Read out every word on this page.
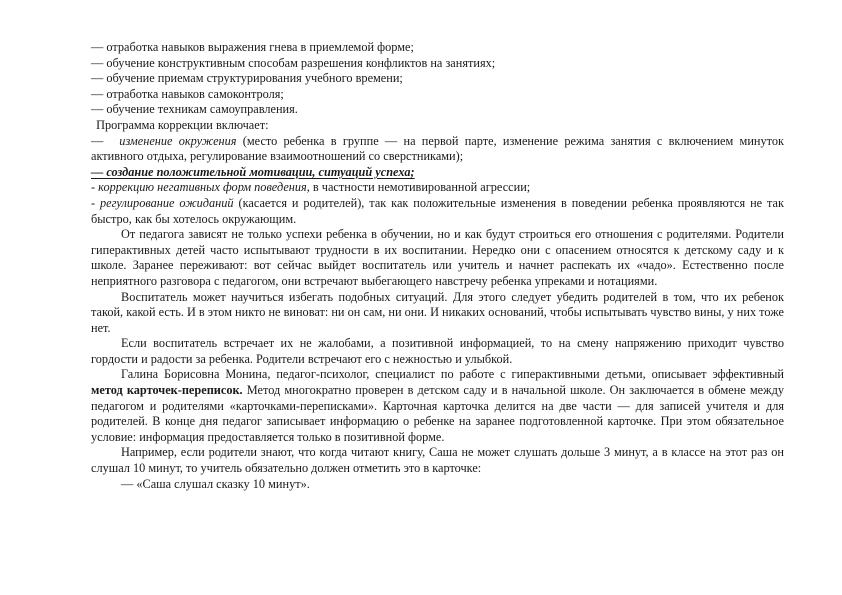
— отработка навыков выражения гнева в приемлемой форме;

— обучение конструктивным способам разрешения конфликтов на занятиях;

— обучение приемам структурирования учебного времени;

— отработка навыков самоконтроля;

— обучение техникам самоуправления.

Программа коррекции включает:

— изменение окружения (место ребенка в группе — на первой парте, изменение режима занятия с включением минуток активного отдыха, регулирование взаимоотношений со сверстниками);

— создание положительной мотивации, ситуаций успеха;

- коррекцию негативных форм поведения, в частности немотивированной агрессии;

- регулирование ожиданий (касается и родителей), так как положительные изменения в поведении ребенка проявляются не так быстро, как бы хотелось окружающим.

От педагога зависят не только успехи ребенка в обучении, но и как будут строиться его отношения с родителями. Родители гиперактивных детей часто испытывают трудности в их воспитании. Нередко они с опасением относятся к детскому саду и к школе. Заранее переживают: вот сейчас выйдет воспитатель или учитель и начнет распекать их «чадо». Естественно после неприятного разговора с педагогом, они встречают выбегающего навстречу ребенка упреками и нотациями.

Воспитатель может научиться избегать подобных ситуаций. Для этого следует убедить родителей в том, что их ребенок такой, какой есть. И в этом никто не виноват: ни он сам, ни они. И никаких оснований, чтобы испытывать чувство вины, у них тоже нет.

Если воспитатель встречает их не жалобами, а позитивной информацией, то на смену напряжению приходит чувство гордости и радости за ребенка. Родители встречают его с нежностью и улыбкой.

Галина Борисовна Монина, педагог-психолог, специалист по работе с гиперактивными детьми, описывает эффективный метод карточек-переписок. Метод многократно проверен в детском саду и в начальной школе. Он заключается в обмене между педагогом и родителями «карточками-переписками». Карточная карточка делится на две части — для записей учителя и для родителей. В конце дня педагог записывает информацию о ребенке на заранее подготовленной карточке. При этом обязательное условие: информация предоставляется только в позитивной форме.

Например, если родители знают, что когда читают книгу, Саша не может слушать дольше 3 минут, а в классе на этот раз он слушал 10 минут, то учитель обязательно должен отметить это в карточке:

— «Саша слушал сказку 10 минут».
